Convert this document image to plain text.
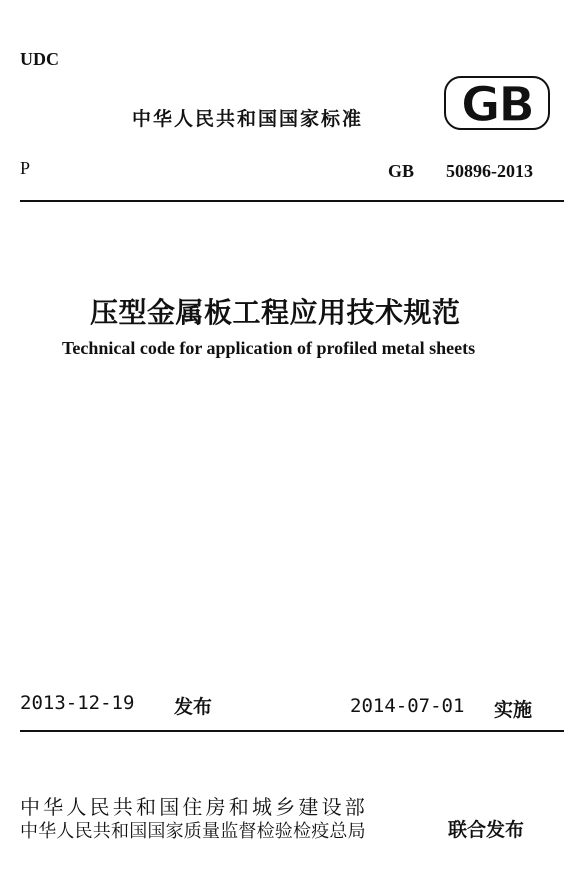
UDC
中华人民共和国国家标准 GB
P	GB 50896-2013
压型金属板工程应用技术规范
Technical code for application of profiled metal sheets
2013-12-19 发布	2014-07-01 实施
中华人民共和国住房和城乡建设部
中华人民共和国国家质量监督检验检疫总局	联合发布
